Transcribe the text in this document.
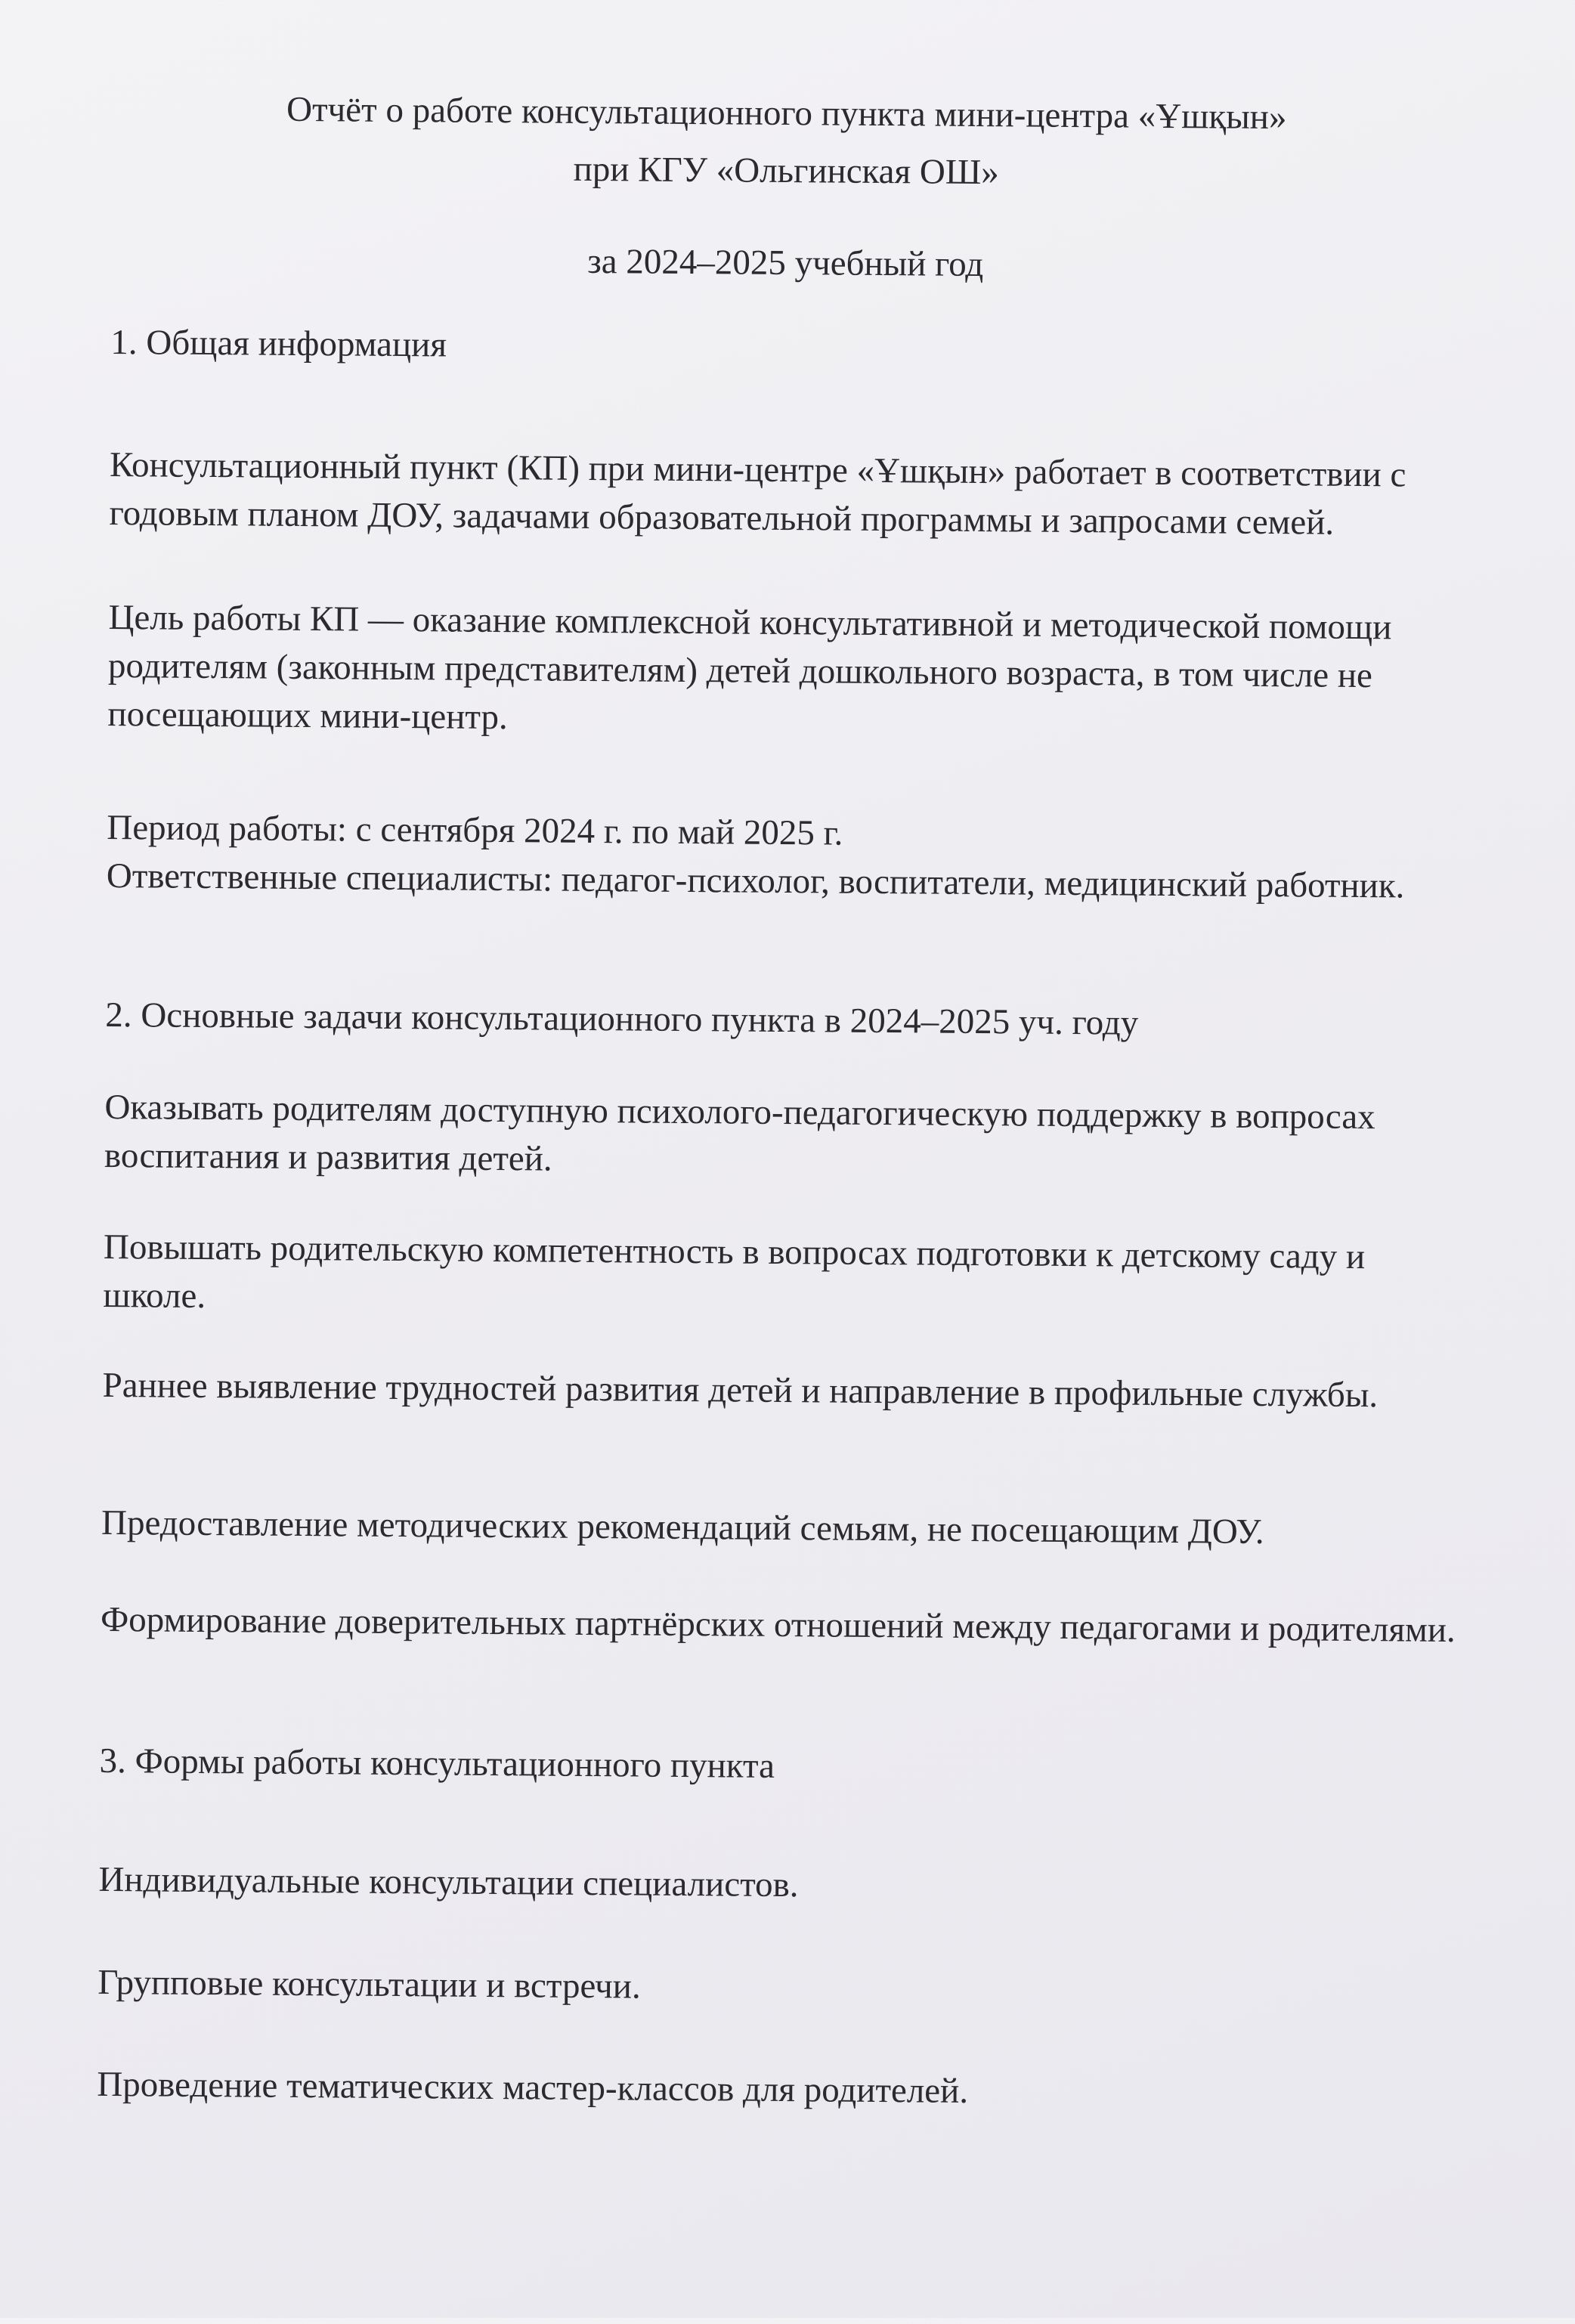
Отчёт о работе консультационного пункта мини-центра «Ұшқын»
при КГУ «Ольгинская ОШ»

за 2024–2025 учебный год

1. Общая информация

Консультационный пункт (КП) при мини-центре «Ұшқын» работает в соответствии с годовым планом ДОУ, задачами образовательной программы и запросами семей.

Цель работы КП — оказание комплексной консультативной и методической помощи родителям (законным представителям) детей дошкольного возраста, в том числе не посещающих мини-центр.

Период работы: с сентября 2024 г. по май 2025 г.

Ответственные специалисты: педагог-психолог, воспитатели, медицинский работник.

2. Основные задачи консультационного пункта в 2024–2025 уч. году

Оказывать родителям доступную психолого-педагогическую поддержку в вопросах воспитания и развития детей.

Повышать родительскую компетентность в вопросах подготовки к детскому саду и школе.

Раннее выявление трудностей развития детей и направление в профильные службы.

Предоставление методических рекомендаций семьям, не посещающим ДОУ.

Формирование доверительных партнёрских отношений между педагогами и родителями.

3. Формы работы консультационного пункта

Индивидуальные консультации специалистов.

Групповые консультации и встречи.

Проведение тематических мастер-классов для родителей.
